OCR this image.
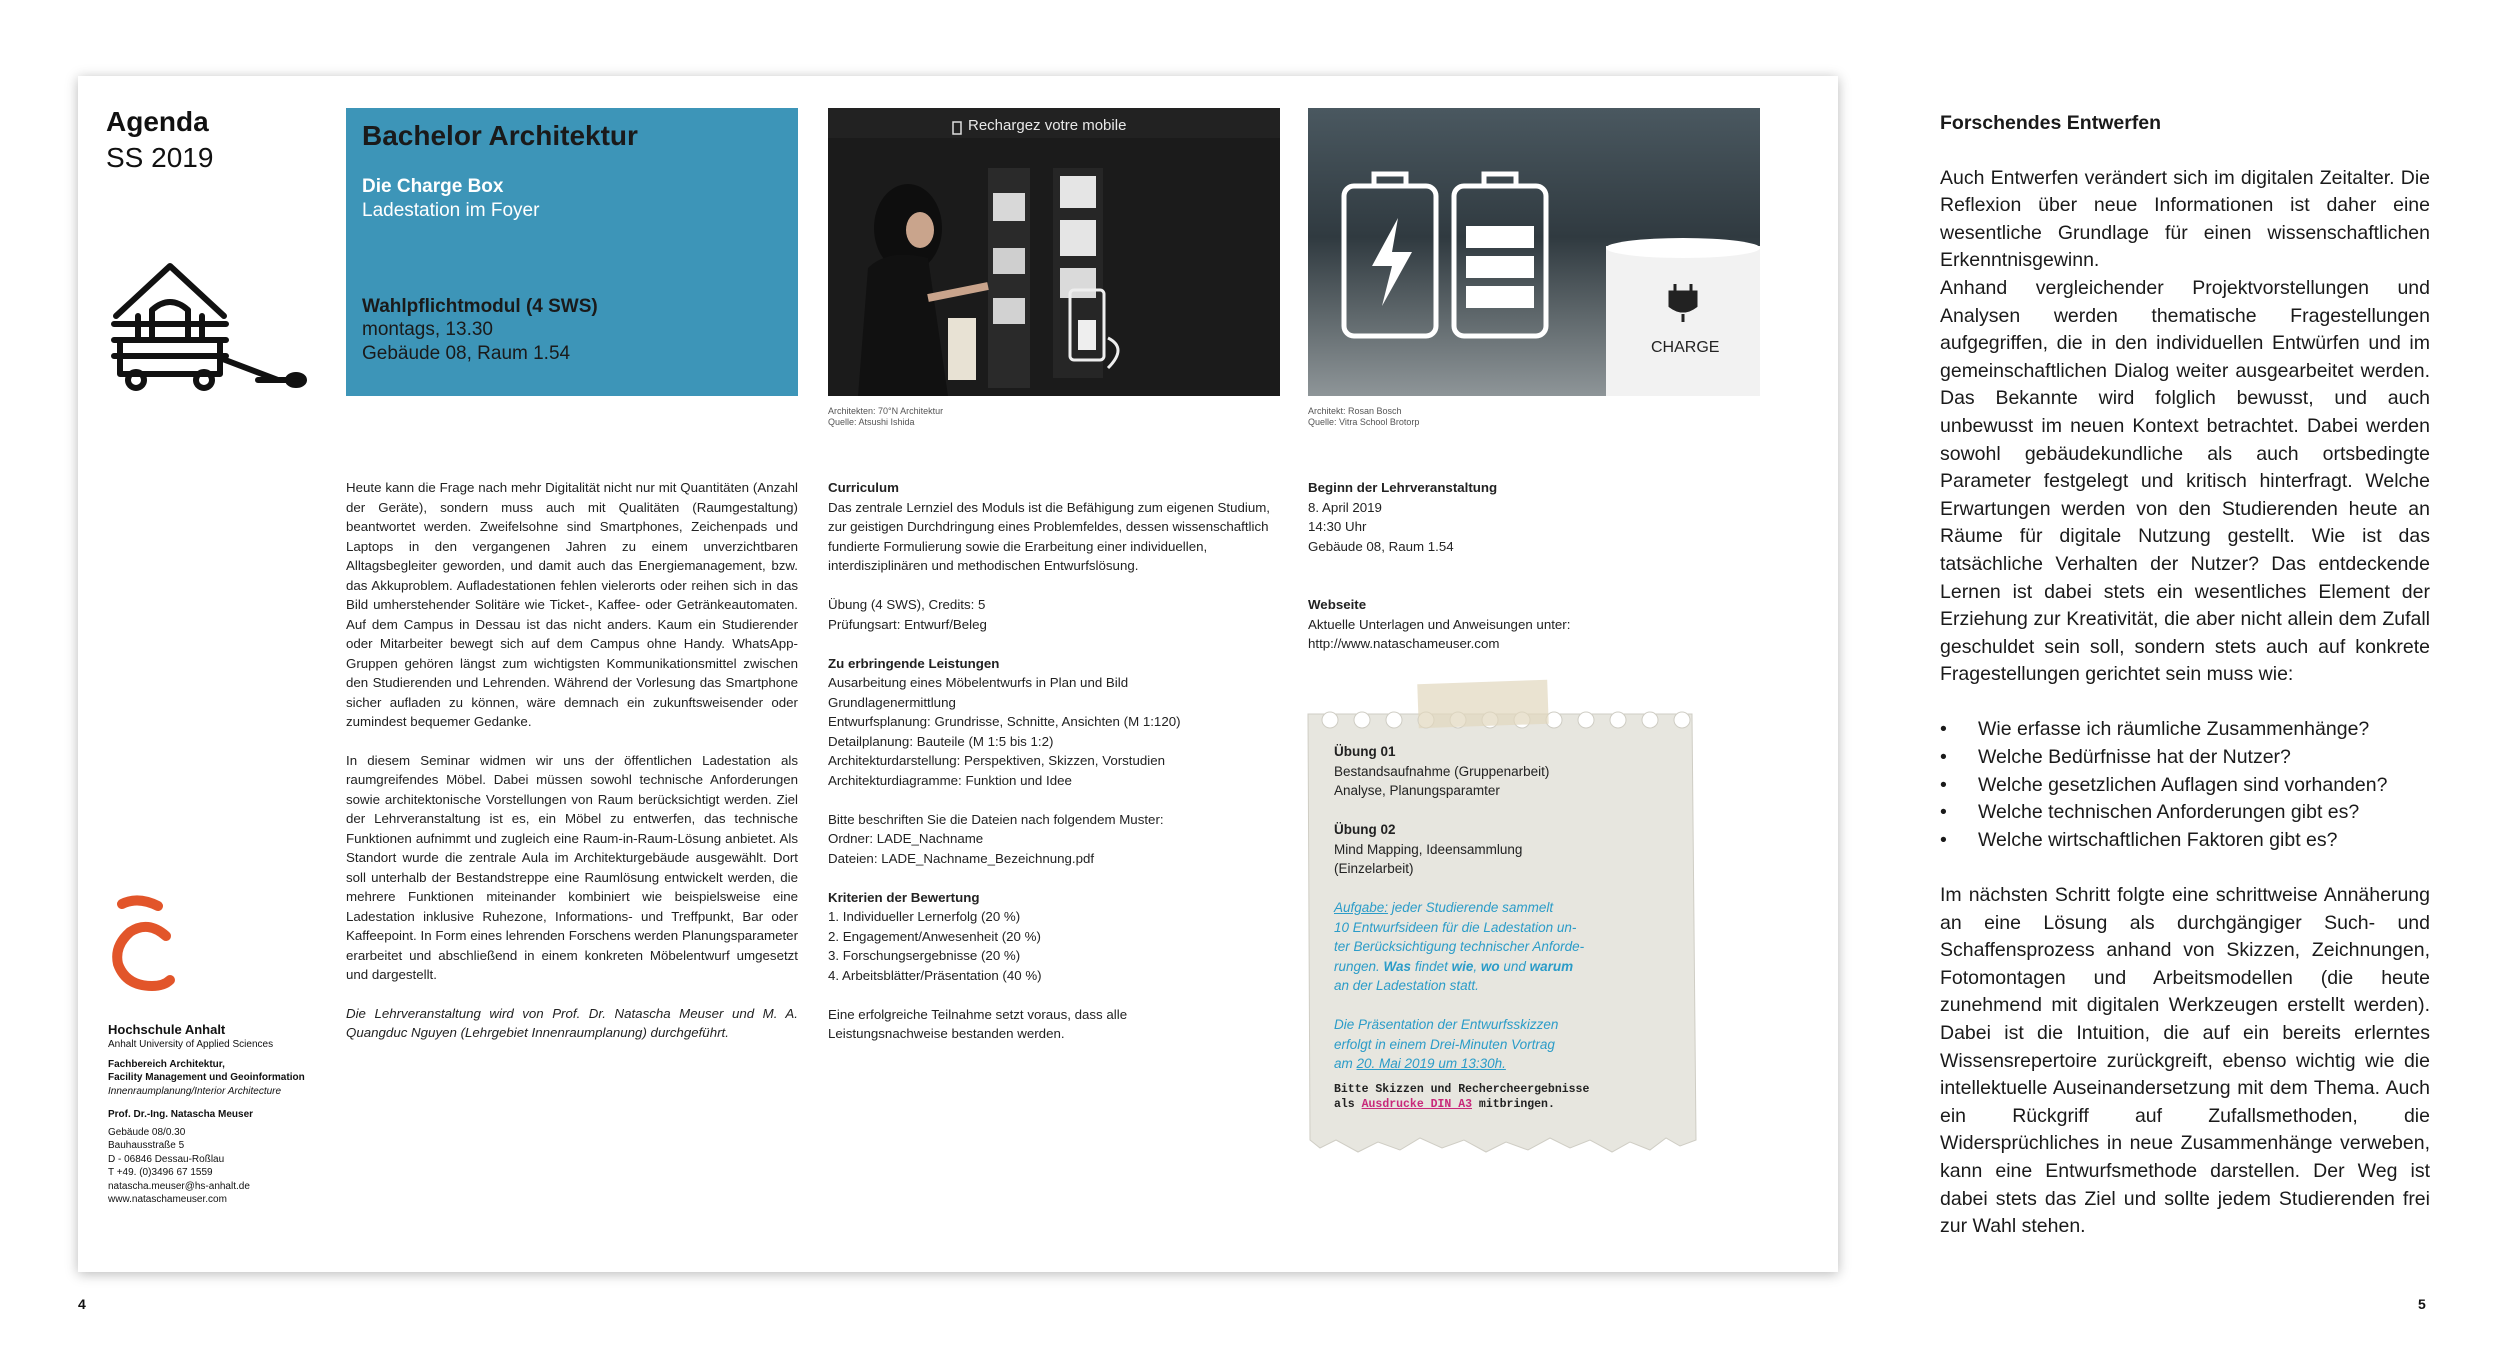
Agenda
SS 2019
Bachelor Architektur
Die Charge Box
Ladestation im Foyer
Wahlpflichtmodul (4 SWS)
montags, 13.30
Gebäude 08, Raum 1.54
Rechargez votre mobile
Architekten: 70°N Architektur
Quelle: Atsushi Ishida
CHARGE
Architekt: Rosan Bosch
Quelle: Vitra School Brotorp

Heute kann die Frage nach mehr Digitalität nicht nur mit Quantitäten (Anzahl der Geräte), sondern muss auch mit Qualitäten (Raumgestaltung) beantwortet werden. Zweifelsohne sind Smartphones, Zeichenpads und Laptops in den vergangenen Jahren zu einem unverzichtbaren Alltagsbegleiter geworden, und damit auch das Energiemanagement, bzw. das Akkuproblem. Aufladestationen fehlen vielerorts oder reihen sich in das Bild umherstehender Solitäre wie Ticket-, Kaffee- oder Getränkeautomaten. Auf dem Campus in Dessau ist das nicht anders. Kaum ein Studierender oder Mitarbeiter bewegt sich auf dem Campus ohne Handy. WhatsApp-Gruppen gehören längst zum wichtigsten Kommunikationsmittel zwischen den Studierenden und Lehrenden. Während der Vorlesung das Smartphone sicher aufladen zu können, wäre demnach ein zukunftsweisender oder zumindest bequemer Gedanke.

In diesem Seminar widmen wir uns der öffentlichen Ladestation als raumgreifendes Möbel. Dabei müssen sowohl technische Anforderungen sowie architektonische Vorstellungen von Raum berücksichtigt werden. Ziel der Lehrveranstaltung ist es, ein Möbel zu entwerfen, das technische Funktionen aufnimmt und zugleich eine Raum-in-Raum-Lösung anbietet. Als Standort wurde die zentrale Aula im Architekturgebäude ausgewählt. Dort soll unterhalb der Bestandstreppe eine Raumlösung entwickelt werden, die mehrere Funktionen miteinander kombiniert wie beispielsweise eine Ladestation inklusive Ruhezone, Informations- und Treffpunkt, Bar oder Kaffeepoint. In Form eines lehrenden Forschens werden Planungsparameter erarbeitet und abschließend in einem konkreten Möbelentwurf umgesetzt und dargestellt.

Die Lehrveranstaltung wird von Prof. Dr. Natascha Meuser und M. A. Quangduc Nguyen (Lehrgebiet Innenraumplanung) durchgeführt.

Curriculum
Das zentrale Lernziel des Moduls ist die Befähigung zum eigenen Studium, zur geistigen Durchdringung eines Problemfeldes, dessen wissenschaftlich fundierte Formulierung sowie die Erarbeitung einer individuellen, interdisziplinären und methodischen Entwurfslösung.
Übung (4 SWS), Credits: 5
Prüfungsart: Entwurf/Beleg
Zu erbringende Leistungen
Ausarbeitung eines Möbelentwurfs in Plan und Bild
Grundlagenermittlung
Entwurfsplanung: Grundrisse, Schnitte, Ansichten (M 1:120)
Detailplanung: Bauteile (M 1:5 bis 1:2)
Architekturdarstellung: Perspektiven, Skizzen, Vorstudien
Architekturdiagramme: Funktion und Idee
Bitte beschriften Sie die Dateien nach folgendem Muster:
Ordner: LADE_Nachname
Dateien: LADE_Nachname_Bezeichnung.pdf
Kriterien der Bewertung
1. Individueller Lernerfolg (20 %)
2. Engagement/Anwesenheit (20 %)
3. Forschungsergebnisse (20 %)
4. Arbeitsblätter/Präsentation (40 %)
Eine erfolgreiche Teilnahme setzt voraus, dass alle
Leistungsnachweise bestanden werden.
Beginn der Lehrveranstaltung
8. April 2019
14:30 Uhr
Gebäude 08, Raum 1.54
Webseite
Aktuelle Unterlagen und Anweisungen unter:
http://www.nataschameuser.com
Übung 01
Bestandsaufnahme (Gruppenarbeit)
Analyse, Planungsparamter
Übung 02
Mind Mapping, Ideensammlung
(Einzelarbeit)
Aufgabe: jeder Studierende sammelt
10 Entwurfsideen für die Ladestation un-
ter Berücksichtigung technischer Anforde-
rungen. Was findet wie, wo und warum
an der Ladestation statt.
Die Präsentation der Entwurfsskizzen
erfolgt in einem Drei-Minuten Vortrag
am 20. Mai 2019 um 13:30h.
Bitte Skizzen und Rechercheergebnisse
als Ausdrucke DIN A3 mitbringen.
Hochschule Anhalt
Anhalt University of Applied Sciences
Fachbereich Architektur,
Facility Management und Geoinformation
Innenraumplanung/Interior Architecture
Prof. Dr.-Ing. Natascha Meuser
Gebäude 08/0.30
Bauhausstraße 5
D - 06846 Dessau-Roßlau
T +49. (0)3496 67 1559
natascha.meuser@hs-anhalt.de
www.nataschameuser.com
4
Forschendes Entwerfen

Auch Entwerfen verändert sich im digitalen Zeitalter. Die Reflexion über neue Informationen ist daher eine wesentliche Grundlage für einen wissenschaftlichen Erkenntnisgewinn.

Anhand vergleichender Projektvorstellungen und Analysen werden thematische Fragestellungen aufgegriffen, die in den individuellen Entwürfen und im gemeinschaftlichen Dialog weiter ausgearbeitet werden. Das Bekannte wird folglich bewusst, und auch unbewusst im neuen Kontext betrachtet. Dabei werden sowohl gebäudekundliche als auch ortsbedingte Parameter festgelegt und kritisch hinterfragt. Welche Erwartungen werden von den Studierenden heute an Räume für digitale Nutzung gestellt. Wie ist das tatsächliche Verhalten der Nutzer? Das entdeckende Lernen ist dabei stets ein wesentliches Element der Erziehung zur Kreativität, die aber nicht allein dem Zufall geschuldet sein soll, sondern stets auch auf konkrete Fragestellungen gerichtet sein muss wie:

• Wie erfasse ich räumliche Zusammenhänge?
• Welche Bedürfnisse hat der Nutzer?
• Welche gesetzlichen Auflagen sind vorhanden?
• Welche technischen Anforderungen gibt es?
• Welche wirtschaftlichen Faktoren gibt es?

Im nächsten Schritt folgte eine schrittweise Annäherung an eine Lösung als durchgängiger Such- und Schaffensprozess anhand von Skizzen, Zeichnungen, Fotomontagen und Arbeitsmodellen (die heute zunehmend mit digitalen Werkzeugen erstellt werden). Dabei ist die Intuition, die auf ein bereits erlerntes Wissensrepertoire zurückgreift, ebenso wichtig wie die intellektuelle Auseinandersetzung mit dem Thema. Auch ein Rückgriff auf Zufallsmethoden, die Widersprüchliches in neue Zusammenhänge verweben, kann eine Entwurfsmethode darstellen. Der Weg ist dabei stets das Ziel und sollte jedem Studierenden frei zur Wahl stehen.

5
